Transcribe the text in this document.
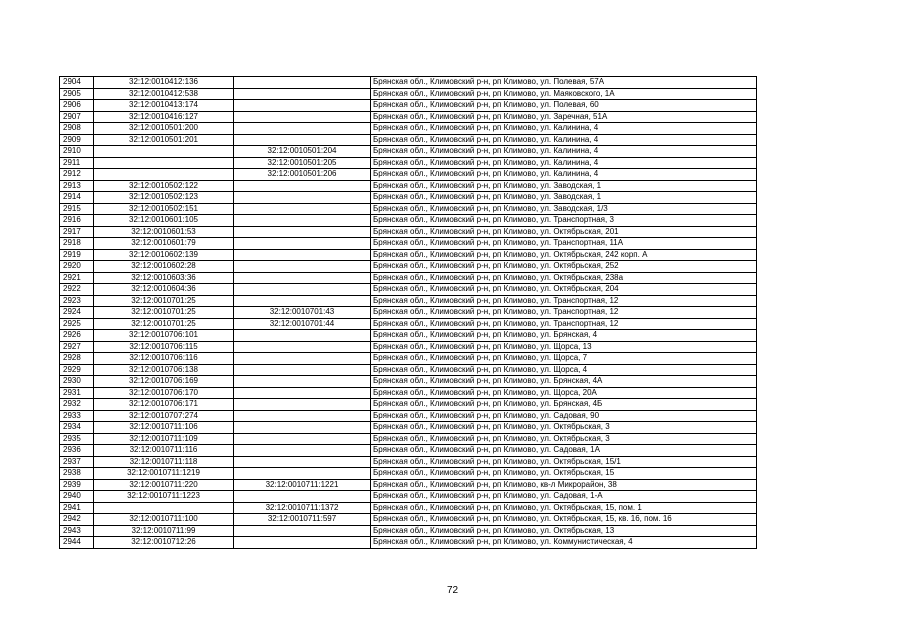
2904	32:12:0010412:136		Брянская обл., Климовский р-н, рп Климово, ул. Полевая, 57А
2905	32:12:0010412:538		Брянская обл., Климовский р-н, рп Климово, ул. Маяковского, 1А
2906	32:12:0010413:174		Брянская обл., Климовский р-н, рп Климово, ул. Полевая, 60
2907	32:12:0010416:127		Брянская обл., Климовский р-н, рп Климово, ул. Заречная, 51А
2908	32:12:0010501:200		Брянская обл., Климовский р-н, рп Климово, ул. Калинина, 4
2909	32:12:0010501:201		Брянская обл., Климовский р-н, рп Климово, ул. Калинина, 4
2910		32:12:0010501:204	Брянская обл., Климовский р-н, рп Климово, ул. Калинина, 4
2911		32:12:0010501:205	Брянская обл., Климовский р-н, рп Климово, ул. Калинина, 4
2912		32:12:0010501:206	Брянская обл., Климовский р-н, рп Климово, ул. Калинина, 4
2913	32:12:0010502:122		Брянская обл., Климовский р-н, рп Климово, ул. Заводская, 1
2914	32:12:0010502:123		Брянская обл., Климовский р-н, рп Климово, ул. Заводская, 1
2915	32:12:0010502:151		Брянская обл., Климовский р-н, рп Климово, ул. Заводская, 1/3
2916	32:12:0010601:105		Брянская обл., Климовский р-н, рп Климово, ул. Транспортная, 3
2917	32:12:0010601:53		Брянская обл., Климовский р-н, рп Климово, ул. Октябрьская, 201
2918	32:12:0010601:79		Брянская обл., Климовский р-н, рп Климово, ул. Транспортная, 11А
2919	32:12:0010602:139		Брянская обл., Климовский р-н, рп Климово, ул. Октябрьская, 242 корп. А
2920	32:12:0010602:28		Брянская обл., Климовский р-н, рп Климово, ул. Октябрьская, 252
2921	32:12:0010603:36		Брянская обл., Климовский р-н, рп Климово, ул. Октябрьская, 238а
2922	32:12:0010604:36		Брянская обл., Климовский р-н, рп Климово, ул. Октябрьская, 204
2923	32:12:0010701:25		Брянская обл., Климовский р-н, рп Климово, ул. Транспортная, 12
2924	32:12:0010701:25	32:12:0010701:43	Брянская обл., Климовский р-н, рп Климово, ул. Транспортная, 12
2925	32:12:0010701:25	32:12:0010701:44	Брянская обл., Климовский р-н, рп Климово, ул. Транспортная, 12
2926	32:12:0010706:101		Брянская обл., Климовский р-н, рп Климово, ул. Брянская, 4
2927	32:12:0010706:115		Брянская обл., Климовский р-н, рп Климово, ул. Щорса, 13
2928	32:12:0010706:116		Брянская обл., Климовский р-н, рп Климово, ул. Щорса, 7
2929	32:12:0010706:138		Брянская обл., Климовский р-н, рп Климово, ул. Щорса, 4
2930	32:12:0010706:169		Брянская обл., Климовский р-н, рп Климово, ул. Брянская, 4А
2931	32:12:0010706:170		Брянская обл., Климовский р-н, рп Климово, ул. Щорса, 20А
2932	32:12:0010706:171		Брянская обл., Климовский р-н, рп Климово, ул. Брянская, 4Б
2933	32:12:0010707:274		Брянская обл., Климовский р-н, рп Климово, ул. Садовая, 90
2934	32:12:0010711:106		Брянская обл., Климовский р-н, рп Климово, ул. Октябрьская, 3
2935	32:12:0010711:109		Брянская обл., Климовский р-н, рп Климово, ул. Октябрьская, 3
2936	32:12:0010711:116		Брянская обл., Климовский р-н, рп Климово, ул. Садовая, 1А
2937	32:12:0010711:118		Брянская обл., Климовский р-н, рп Климово, ул. Октябрьская, 15/1
2938	32:12:0010711:1219		Брянская обл., Климовский р-н, рп Климово, ул. Октябрьская, 15
2939	32:12:0010711:220	32:12:0010711:1221	Брянская обл., Климовский р-н, рп Климово, кв-л Микрорайон, 38
2940	32:12:0010711:1223		Брянская обл., Климовский р-н, рп Климово, ул. Садовая, 1-А
2941		32:12:0010711:1372	Брянская обл., Климовский р-н, рп Климово, ул. Октябрьская, 15, пом. 1
2942	32:12:0010711:100	32:12:0010711:597	Брянская обл., Климовский р-н, рп Климово, ул. Октябрьская, 15, кв. 16, пом. 16
2943	32:12:0010711:99		Брянская обл., Климовский р-н, рп Климово, ул. Октябрьская, 13
2944	32:12:0010712:26		Брянская обл., Климовский р-н, рп Климово, ул. Коммунистическая, 4
72
